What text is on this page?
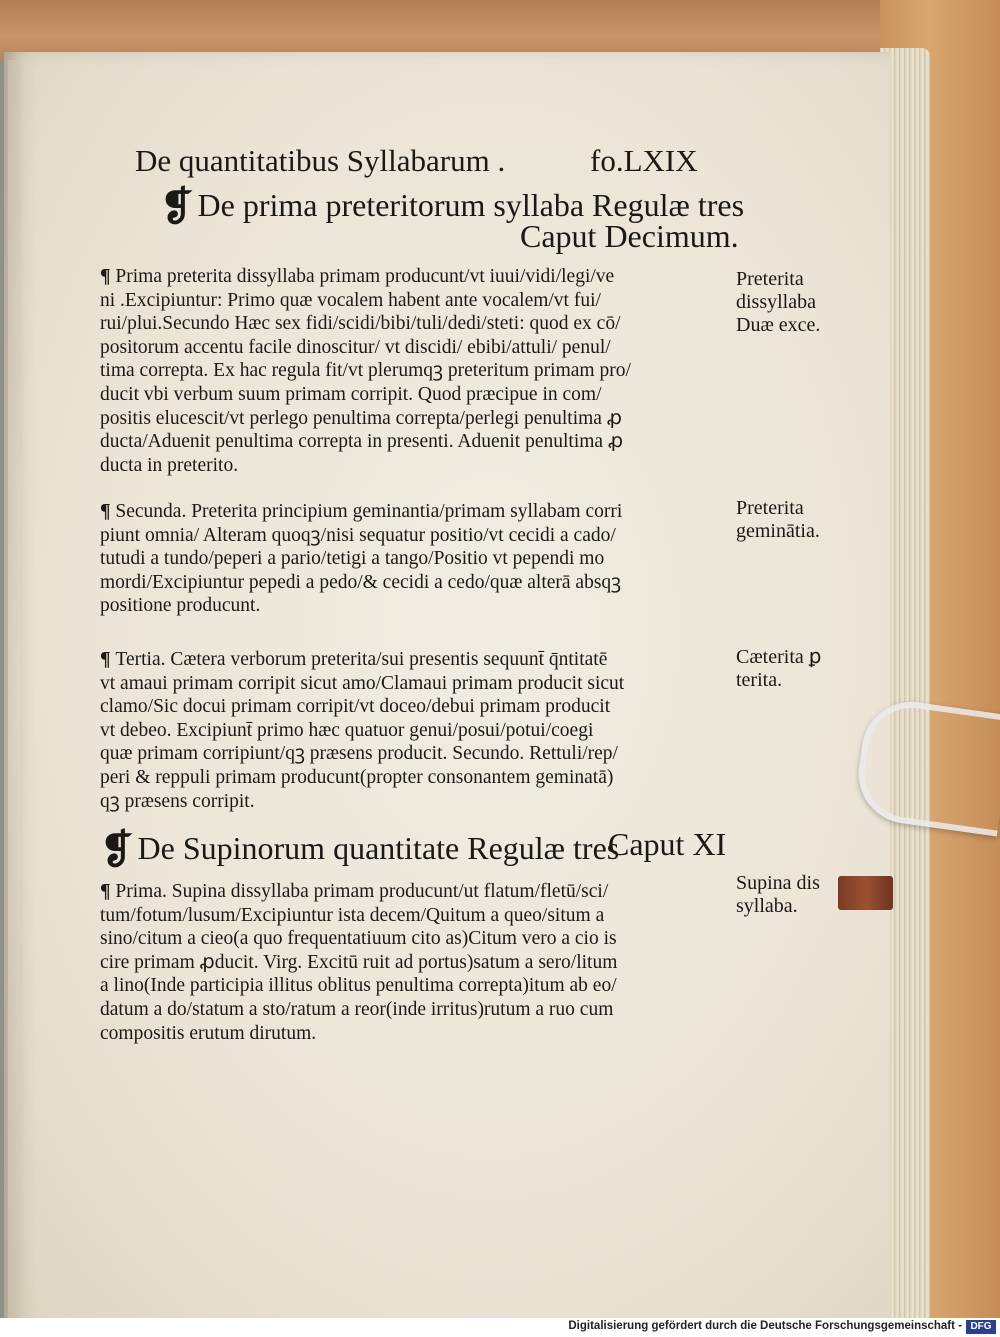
De quantitatibus Syllabarum .	fo.LXIX
❡ De prima preteritorum syllaba Regulæ tres
Caput Decimum.
¶ Prima preterita dissyllaba primam producunt/vt iuui/vidi/legi/ve

ni .Excipiuntur: Primo quæ vocalem habent ante vocalem/vt fui/
rui/plui.Secundo Hæc sex fidi/scidi/bibi/tuli/dedi/steti: quod ex cō/
positorum accentu facile dinoscitur/ vt discidi/ ebibi/attuli/ penul/
tima correpta. Ex hac regula fit/vt plerumqꝫ preteritum primam pro/
ducit vbi verbum suum primam corripit. Quod præcipue in com/
positis elucescit/vt perlego penultima correpta/perlegi penultima ꝓ
ducta/Aduenit penultima correpta in presenti. Aduenit penultima ꝓ
ducta in preterito.
Preterita
dissyllaba
Duæ exce.
¶ Secunda. Preterita principium geminantia/primam syllabam corri

piunt omnia/ Alteram quoqꝫ/nisi sequatur positio/vt cecidi a cado/
tutudi a tundo/peperi a pario/tetigi a tango/Positio vt pependi mo
mordi/Excipiuntur pepedi a pedo/& cecidi a cedo/quæ alterā absqꝫ
positione producunt.
Preterita
geminātia.
¶ Tertia. Cætera verborum preterita/sui presentis sequunt̄ q̄ntitatē

vt amaui primam corripit sicut amo/Clamaui primam producit sicut
clamo/Sic docui primam corripit/vt doceo/debui primam producit
vt debeo. Excipiunt̄ primo hæc quatuor genui/posui/potui/coegi
quæ primam corripiunt/qꝫ præsens producit. Secundo. Rettuli/rep/
peri & reppuli primam producunt(propter consonantem geminatā)
qꝫ præsens corripit.
Cæterita ꝑ
terita.
❡ De Supinorum quantitate Regulæ tres
Caput XI
¶ Prima. Supina dissyllaba primam producunt/ut flatum/fletū/sci/

tum/fotum/lusum/Excipiuntur ista decem/Quitum a queo/situm a
sino/citum a cieo(a quo frequentatiuum cito as)Citum vero a cio is
cire primam ꝓducit. Virg. Excitū ruit ad portus)satum a sero/litum
a lino(Inde participia illitus oblitus penultima correpta)itum ab eo/
datum a do/statum a sto/ratum a reor(inde irritus)rutum a ruo cum
compositis erutum dirutum.
Supina dis
syllaba.
Digitalisierung gefördert durch die Deutsche Forschungsgemeinschaft - DFG
